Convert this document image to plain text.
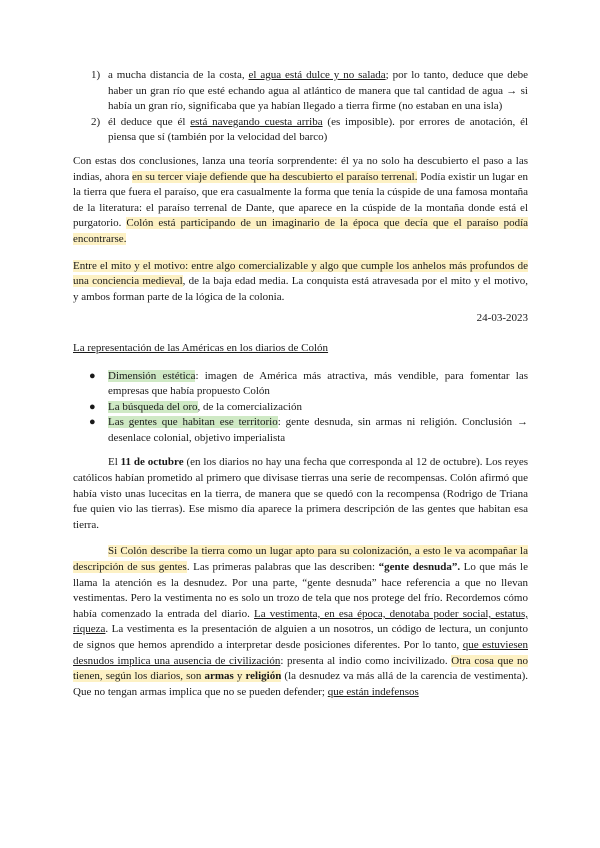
1) a mucha distancia de la costa, el agua está dulce y no salada; por lo tanto, deduce que debe haber un gran río que esté echando agua al atlántico de manera que tal cantidad de agua → si había un gran río, significaba que ya habían llegado a tierra firme (no estaban en una isla)
2) él deduce que él está navegando cuesta arriba (es imposible). por errores de anotación, él piensa que sí (también por la velocidad del barco)

Con estas dos conclusiones, lanza una teoría sorprendente: él ya no solo ha descubierto el paso a las indias, ahora en su tercer viaje defiende que ha descubierto el paraíso terrenal. Podía existir un lugar en la tierra que fuera el paraíso, que era casualmente la forma que tenía la cúspide de una famosa montaña de la literatura: el paraíso terrenal de Dante, que aparece en la cúspide de la montaña donde está el purgatorio. Colón está participando de un imaginario de la época que decía que el paraíso podía encontrarse.

Entre el mito y el motivo: entre algo comercializable y algo que cumple los anhelos más profundos de una conciencia medieval, de la baja edad media. La conquista está atravesada por el mito y el motivo, y ambos forman parte de la lógica de la colonia.

24-03-2023
La representación de las Américas en los diarios de Colón
● Dimensión estética: imagen de América más atractiva, más vendible, para fomentar las empresas que había propuesto Colón
● La búsqueda del oro, de la comercialización
● Las gentes que habitan ese territorio: gente desnuda, sin armas ni religión. Conclusión → desenlace colonial, objetivo imperialista

El 11 de octubre (en los diarios no hay una fecha que corresponda al 12 de octubre). Los reyes católicos habían prometido al primero que divisase tierras una serie de recompensas. Colón afirmó que había visto unas lucecitas en la tierra, de manera que se quedó con la recompensa (Rodrigo de Triana fue quien vio las tierras). Ese mismo día aparece la primera descripción de las gentes que habitan esa tierra.

Si Colón describe la tierra como un lugar apto para su colonización, a esto le va acompañar la descripción de sus gentes. Las primeras palabras que las describen: “gente desnuda”. Lo que más le llama la atención es la desnudez. Por una parte, “gente desnuda” hace referencia a que no llevan vestimentas. Pero la vestimenta no es solo un trozo de tela que nos protege del frío. Recordemos cómo había comenzado la entrada del diario. La vestimenta, en esa época, denotaba poder social, estatus, riqueza. La vestimenta es la presentación de alguien a un nosotros, un código de lectura, un conjunto de signos que hemos aprendido a interpretar desde posiciones diferentes. Por lo tanto, que estuviesen desnudos implica una ausencia de civilización: presenta al indio como incivilizado. Otra cosa que no tienen, según los diarios, son armas y religión (la desnudez va más allá de la carencia de vestimenta). Que no tengan armas implica que no se pueden defender; que están indefensos
